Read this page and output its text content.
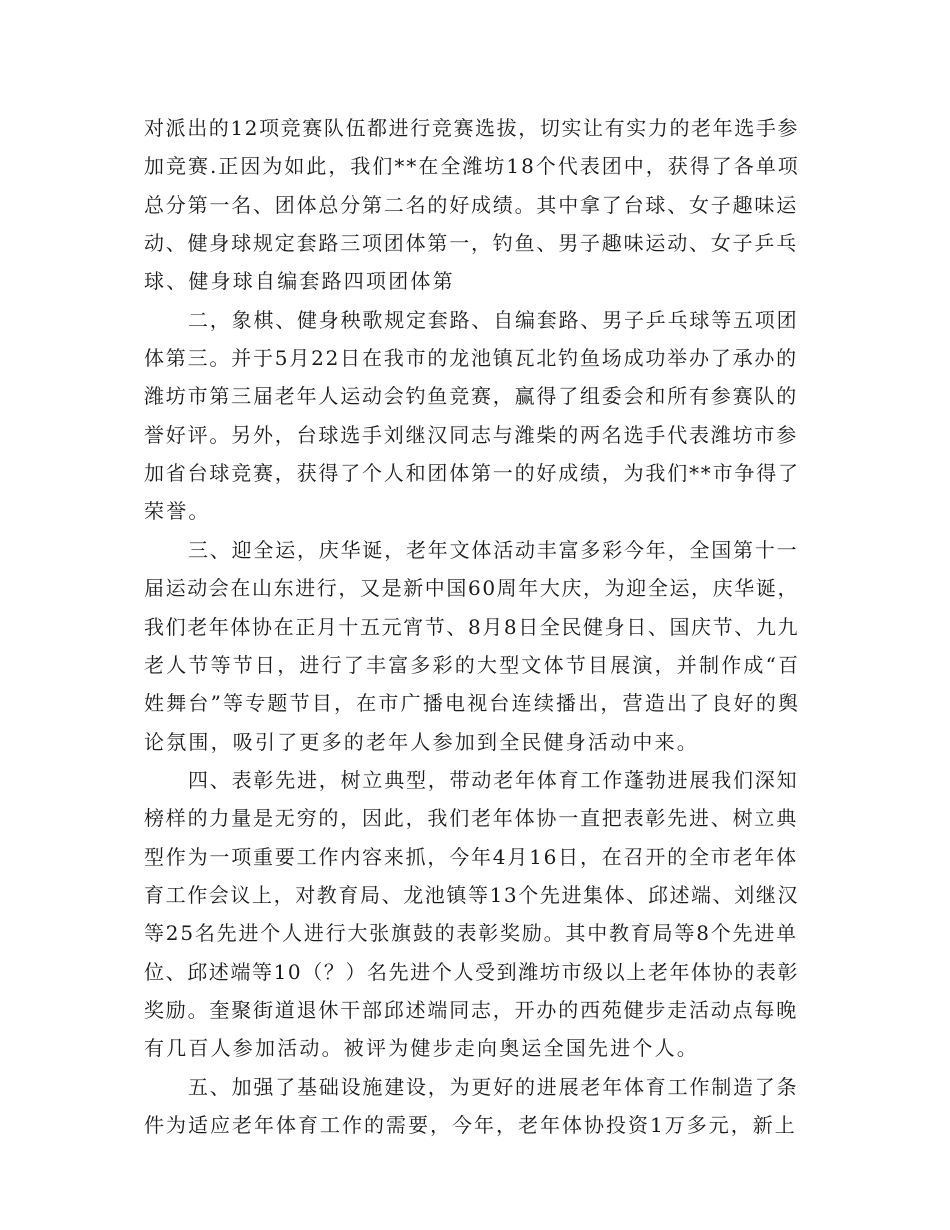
对派出的12项竞赛队伍都进行竞赛选拔，切实让有实力的老年选手参
加竞赛.正因为如此，我们**在全潍坊18个代表团中，获得了各单项
总分第一名、团体总分第二名的好成绩。其中拿了台球、女子趣味运
动、健身球规定套路三项团体第一，钓鱼、男子趣味运动、女子乒乓
球、健身球自编套路四项团体第
二，象棋、健身秧歌规定套路、自编套路、男子乒乓球等五项团
体第三。并于5月22日在我市的龙池镇瓦北钓鱼场成功举办了承办的
潍坊市第三届老年人运动会钓鱼竞赛，赢得了组委会和所有参赛队的
誉好评。另外，台球选手刘继汉同志与潍柴的两名选手代表潍坊市参
加省台球竞赛，获得了个人和团体第一的好成绩，为我们**市争得了
荣誉。
三、迎全运，庆华诞，老年文体活动丰富多彩今年，全国第十一
届运动会在山东进行，又是新中国60周年大庆，为迎全运，庆华诞，
我们老年体协在正月十五元宵节、8月8日全民健身日、国庆节、九九
老人节等节日，进行了丰富多彩的大型文体节目展演，并制作成“百
姓舞台”等专题节目，在市广播电视台连续播出，营造出了良好的舆
论氛围，吸引了更多的老年人参加到全民健身活动中来。
四、表彰先进，树立典型，带动老年体育工作蓬勃进展我们深知
榜样的力量是无穷的，因此，我们老年体协一直把表彰先进、树立典
型作为一项重要工作内容来抓，今年4月16日，在召开的全市老年体
育工作会议上，对教育局、龙池镇等13个先进集体、邱述端、刘继汉
等25名先进个人进行大张旗鼓的表彰奖励。其中教育局等8个先进单
位、邱述端等10（？）名先进个人受到潍坊市级以上老年体协的表彰
奖励。奎聚街道退休干部邱述端同志，开办的西苑健步走活动点每晚
有几百人参加活动。被评为健步走向奥运全国先进个人。
五、加强了基础设施建设，为更好的进展老年体育工作制造了条
件为适应老年体育工作的需要，今年，老年体协投资1万多元，新上
